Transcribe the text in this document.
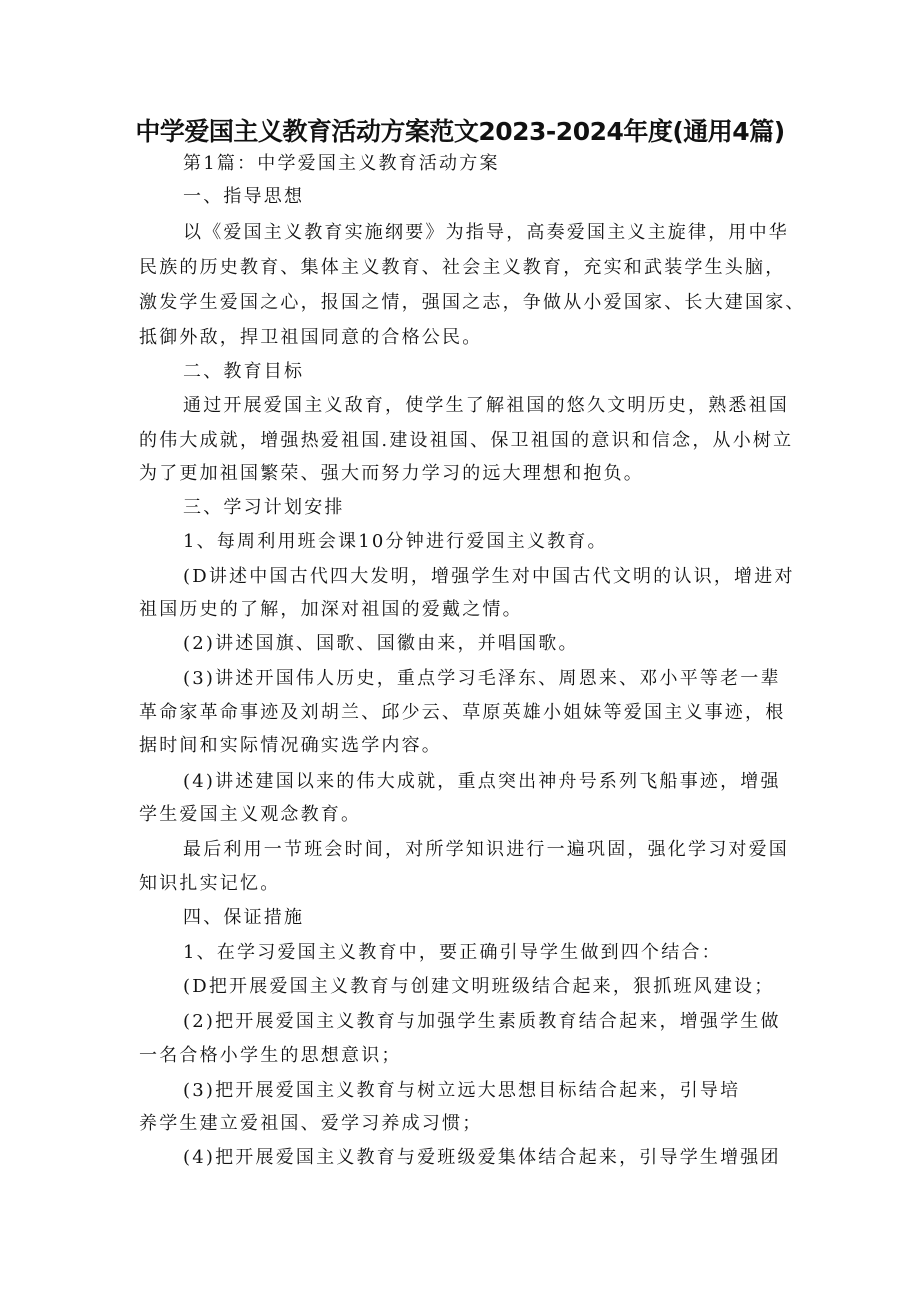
中学爱国主义教育活动方案范文2023-2024年度(通用4篇)
第1篇：中学爱国主义教育活动方案
一、指导思想
以《爱国主义教育实施纲要》为指导，高奏爱国主义主旋律，用中华
民族的历史教育、集体主义教育、社会主义教育，充实和武装学生头脑，
激发学生爱国之心，报国之情，强国之志，争做从小爱国家、长大建国家、
抵御外敌，捍卫祖国同意的合格公民。
二、教育目标
通过开展爱国主义敌育，使学生了解祖国的悠久文明历史，熟悉祖国
的伟大成就，增强热爱祖国.建设祖国、保卫祖国的意识和信念，从小树立
为了更加祖国繁荣、强大而努力学习的远大理想和抱负。
三、学习计划安排
1、每周利用班会课10分钟进行爱国主义教育。
(D讲述中国古代四大发明，增强学生对中国古代文明的认识，增进对
祖国历史的了解，加深对祖国的爱戴之情。
(2)讲述国旗、国歌、国徽由来，并唱国歌。
(3)讲述开国伟人历史，重点学习毛泽东、周恩来、邓小平等老一辈
革命家革命事迹及刘胡兰、邱少云、草原英雄小姐妹等爱国主义事迹，根
据时间和实际情况确实选学内容。
(4)讲述建国以来的伟大成就，重点突出神舟号系列飞船事迹，增强
学生爱国主义观念教育。
最后利用一节班会时间，对所学知识进行一遍巩固，强化学习对爱国
知识扎实记忆。
四、保证措施
1、在学习爱国主义教育中，要正确引导学生做到四个结合：
(D把开展爱国主义教育与创建文明班级结合起来，狠抓班风建设；
(2)把开展爱国主义教育与加强学生素质教育结合起来，增强学生做
一名合格小学生的思想意识；
(3)把开展爱国主义教育与树立远大思想目标结合起来，引导培
养学生建立爱祖国、爱学习养成习惯；
(4)把开展爱国主义教育与爱班级爱集体结合起来，引导学生增强团
